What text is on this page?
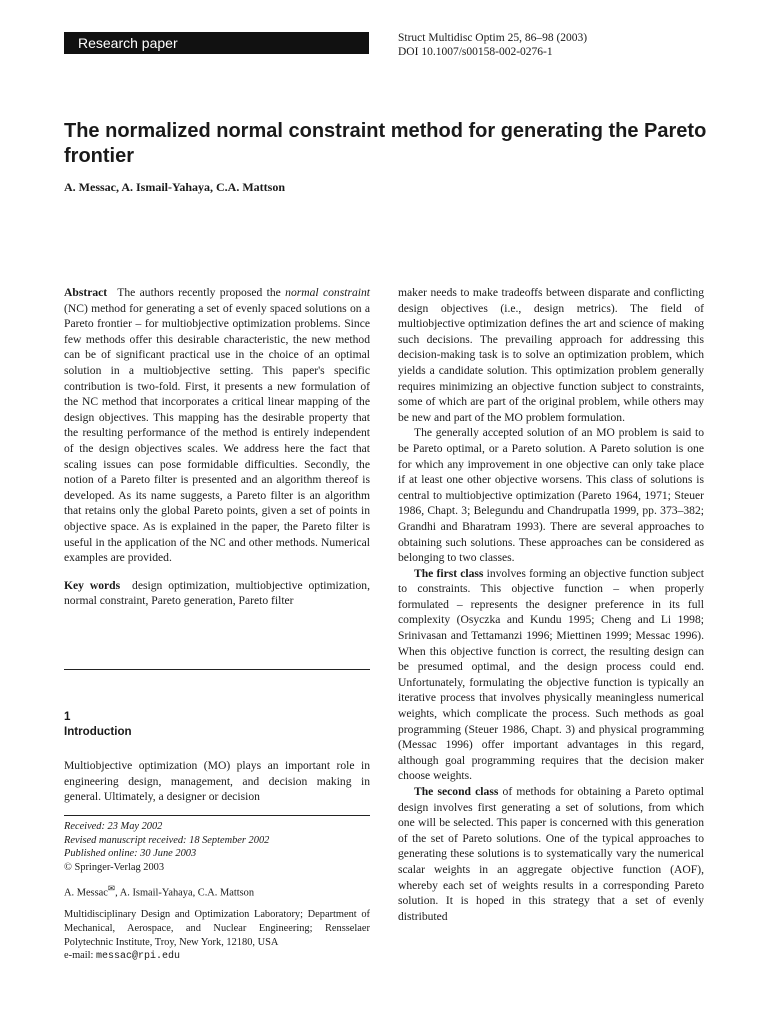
Research paper	Struct Multidisc Optim 25, 86–98 (2003)
DOI 10.1007/s00158-002-0276-1
The normalized normal constraint method for generating the Pareto frontier
A. Messac, A. Ismail-Yahaya, C.A. Mattson

Abstract The authors recently proposed the normal constraint (NC) method for generating a set of evenly spaced solutions on a Pareto frontier – for multiobjective optimization problems. Since few methods offer this desirable characteristic, the new method can be of significant practical use in the choice of an optimal solution in a multiobjective setting. This paper's specific contribution is two-fold. First, it presents a new formulation of the NC method that incorporates a critical linear mapping of the design objectives. This mapping has the desirable property that the resulting performance of the method is entirely independent of the design objectives scales. We address here the fact that scaling issues can pose formidable difficulties. Secondly, the notion of a Pareto filter is presented and an algorithm thereof is developed. As its name suggests, a Pareto filter is an algorithm that retains only the global Pareto points, given a set of points in objective space. As is explained in the paper, the Pareto filter is useful in the application of the NC and other methods. Numerical examples are provided.

Key words design optimization, multiobjective optimization, normal constraint, Pareto generation, Pareto filter

1
Introduction
Multiobjective optimization (MO) plays an important role in engineering design, management, and decision making in general. Ultimately, a designer or decision
Received: 23 May 2002
Revised manuscript received: 18 September 2002
Published online: 30 June 2003
© Springer-Verlag 2003
A. Messac✉, A. Ismail-Yahaya, C.A. Mattson
Multidisciplinary Design and Optimization Laboratory; Department of Mechanical, Aerospace, and Nuclear Engineering; Rensselaer Polytechnic Institute, Troy, New York, 12180, USA
e-mail: messac@rpi.edu

maker needs to make tradeoffs between disparate and conflicting design objectives (i.e., design metrics). The field of multiobjective optimization defines the art and science of making such decisions. The prevailing approach for addressing this decision-making task is to solve an optimization problem, which yields a candidate solution. This optimization problem generally requires minimizing an objective function subject to constraints, some of which are part of the original problem, while others may be new and part of the MO problem formulation.

The generally accepted solution of an MO problem is said to be Pareto optimal, or a Pareto solution. A Pareto solution is one for which any improvement in one objective can only take place if at least one other objective worsens. This class of solutions is central to multiobjective optimization (Pareto 1964, 1971; Steuer 1986, Chapt. 3; Belegundu and Chandrupatla 1999, pp. 373–382; Grandhi and Bharatram 1993). There are several approaches to obtaining such solutions. These approaches can be considered as belonging to two classes.

The first class involves forming an objective function subject to constraints. This objective function – when properly formulated – represents the designer preference in its full complexity (Osyczka and Kundu 1995; Cheng and Li 1998; Srinivasan and Tettamanzi 1996; Miettinen 1999; Messac 1996). When this objective function is correct, the resulting design can be presumed optimal, and the design process could end. Unfortunately, formulating the objective function is typically an iterative process that involves physically meaningless numerical weights, which complicate the process. Such methods as goal programming (Steuer 1986, Chapt. 3) and physical programming (Messac 1996) offer important advantages in this regard, although goal programming requires that the decision maker choose weights.

The second class of methods for obtaining a Pareto optimal design involves first generating a set of solutions, from which one will be selected. This paper is concerned with this generation of the set of Pareto solutions. One of the typical approaches to generating these solutions is to systematically vary the numerical scalar weights in an aggregate objective function (AOF), whereby each set of weights results in a corresponding Pareto solution. It is hoped in this strategy that a set of evenly distributed
